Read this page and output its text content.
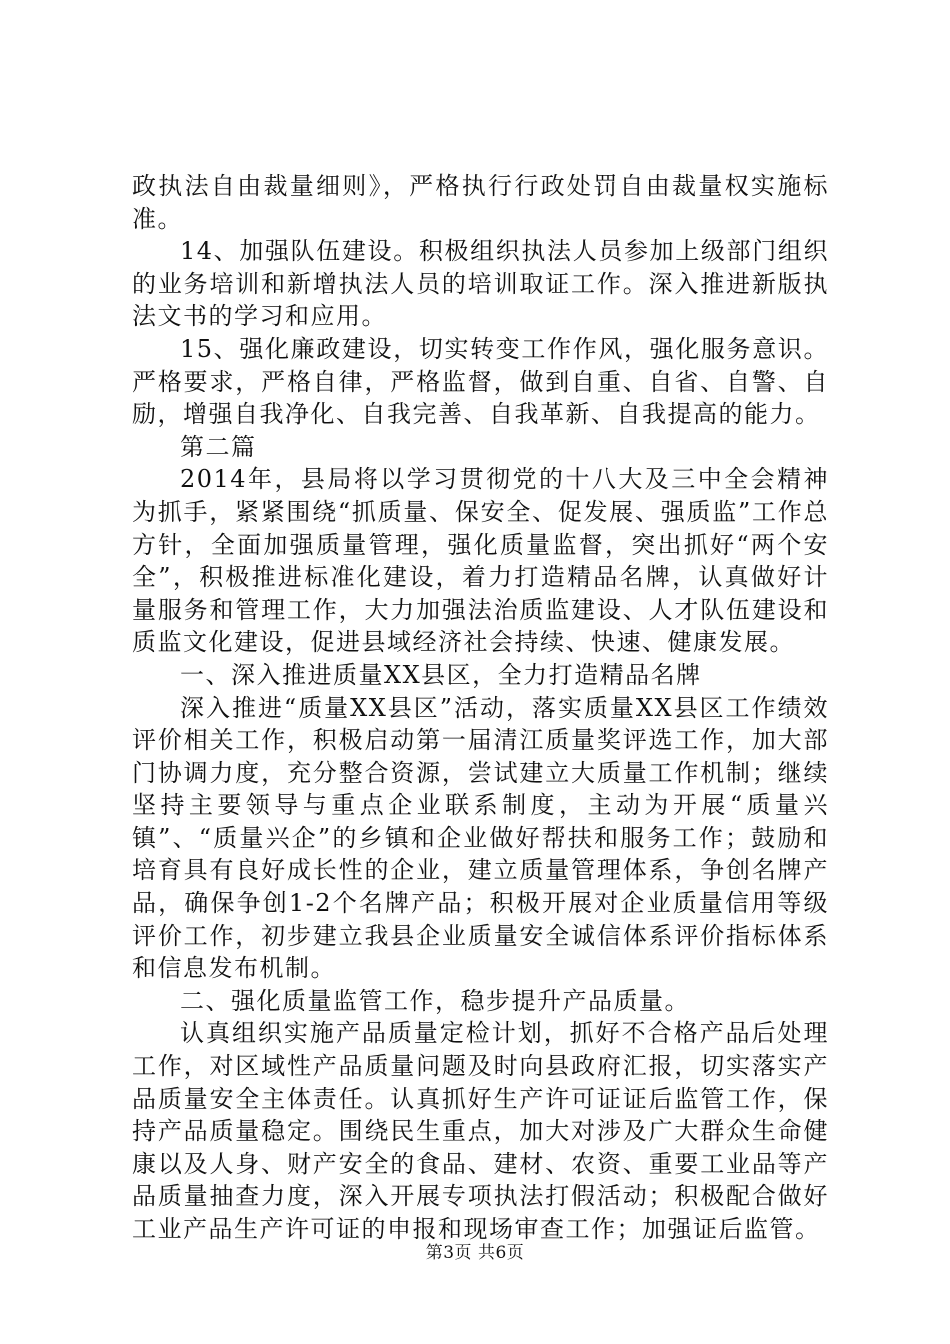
政执法自由裁量细则》，严格执行行政处罚自由裁量权实施标准。

14、加强队伍建设。积极组织执法人员参加上级部门组织的业务培训和新增执法人员的培训取证工作。深入推进新版执法文书的学习和应用。

15、强化廉政建设，切实转变工作作风，强化服务意识。严格要求，严格自律，严格监督，做到自重、自省、自警、自励，增强自我净化、自我完善、自我革新、自我提高的能力。

第二篇

2014年，县局将以学习贯彻党的十八大及三中全会精神为抓手，紧紧围绕“抓质量、保安全、促发展、强质监”工作总方针，全面加强质量管理，强化质量监督，突出抓好“两个安全”，积极推进标准化建设，着力打造精品名牌，认真做好计量服务和管理工作，大力加强法治质监建设、人才队伍建设和质监文化建设，促进县域经济社会持续、快速、健康发展。

一、深入推进质量XX县区，全力打造精品名牌

深入推进“质量XX县区”活动，落实质量XX县区工作绩效评价相关工作，积极启动第一届清江质量奖评选工作，加大部门协调力度，充分整合资源，尝试建立大质量工作机制；继续坚持主要领导与重点企业联系制度，主动为开展“质量兴镇”、“质量兴企”的乡镇和企业做好帮扶和服务工作；鼓励和培育具有良好成长性的企业，建立质量管理体系，争创名牌产品，确保争创1-2个名牌产品；积极开展对企业质量信用等级评价工作，初步建立我县企业质量安全诚信体系评价指标体系和信息发布机制。

二、强化质量监管工作，稳步提升产品质量。

认真组织实施产品质量定检计划，抓好不合格产品后处理工作，对区域性产品质量问题及时向县政府汇报，切实落实产品质量安全主体责任。认真抓好生产许可证证后监管工作，保持产品质量稳定。围绕民生重点，加大对涉及广大群众生命健康以及人身、财产安全的食品、建材、农资、重要工业品等产品质量抽查力度，深入开展专项执法打假活动；积极配合做好工业产品生产许可证的申报和现场审查工作；加强证后监管。

第3页 共6页
